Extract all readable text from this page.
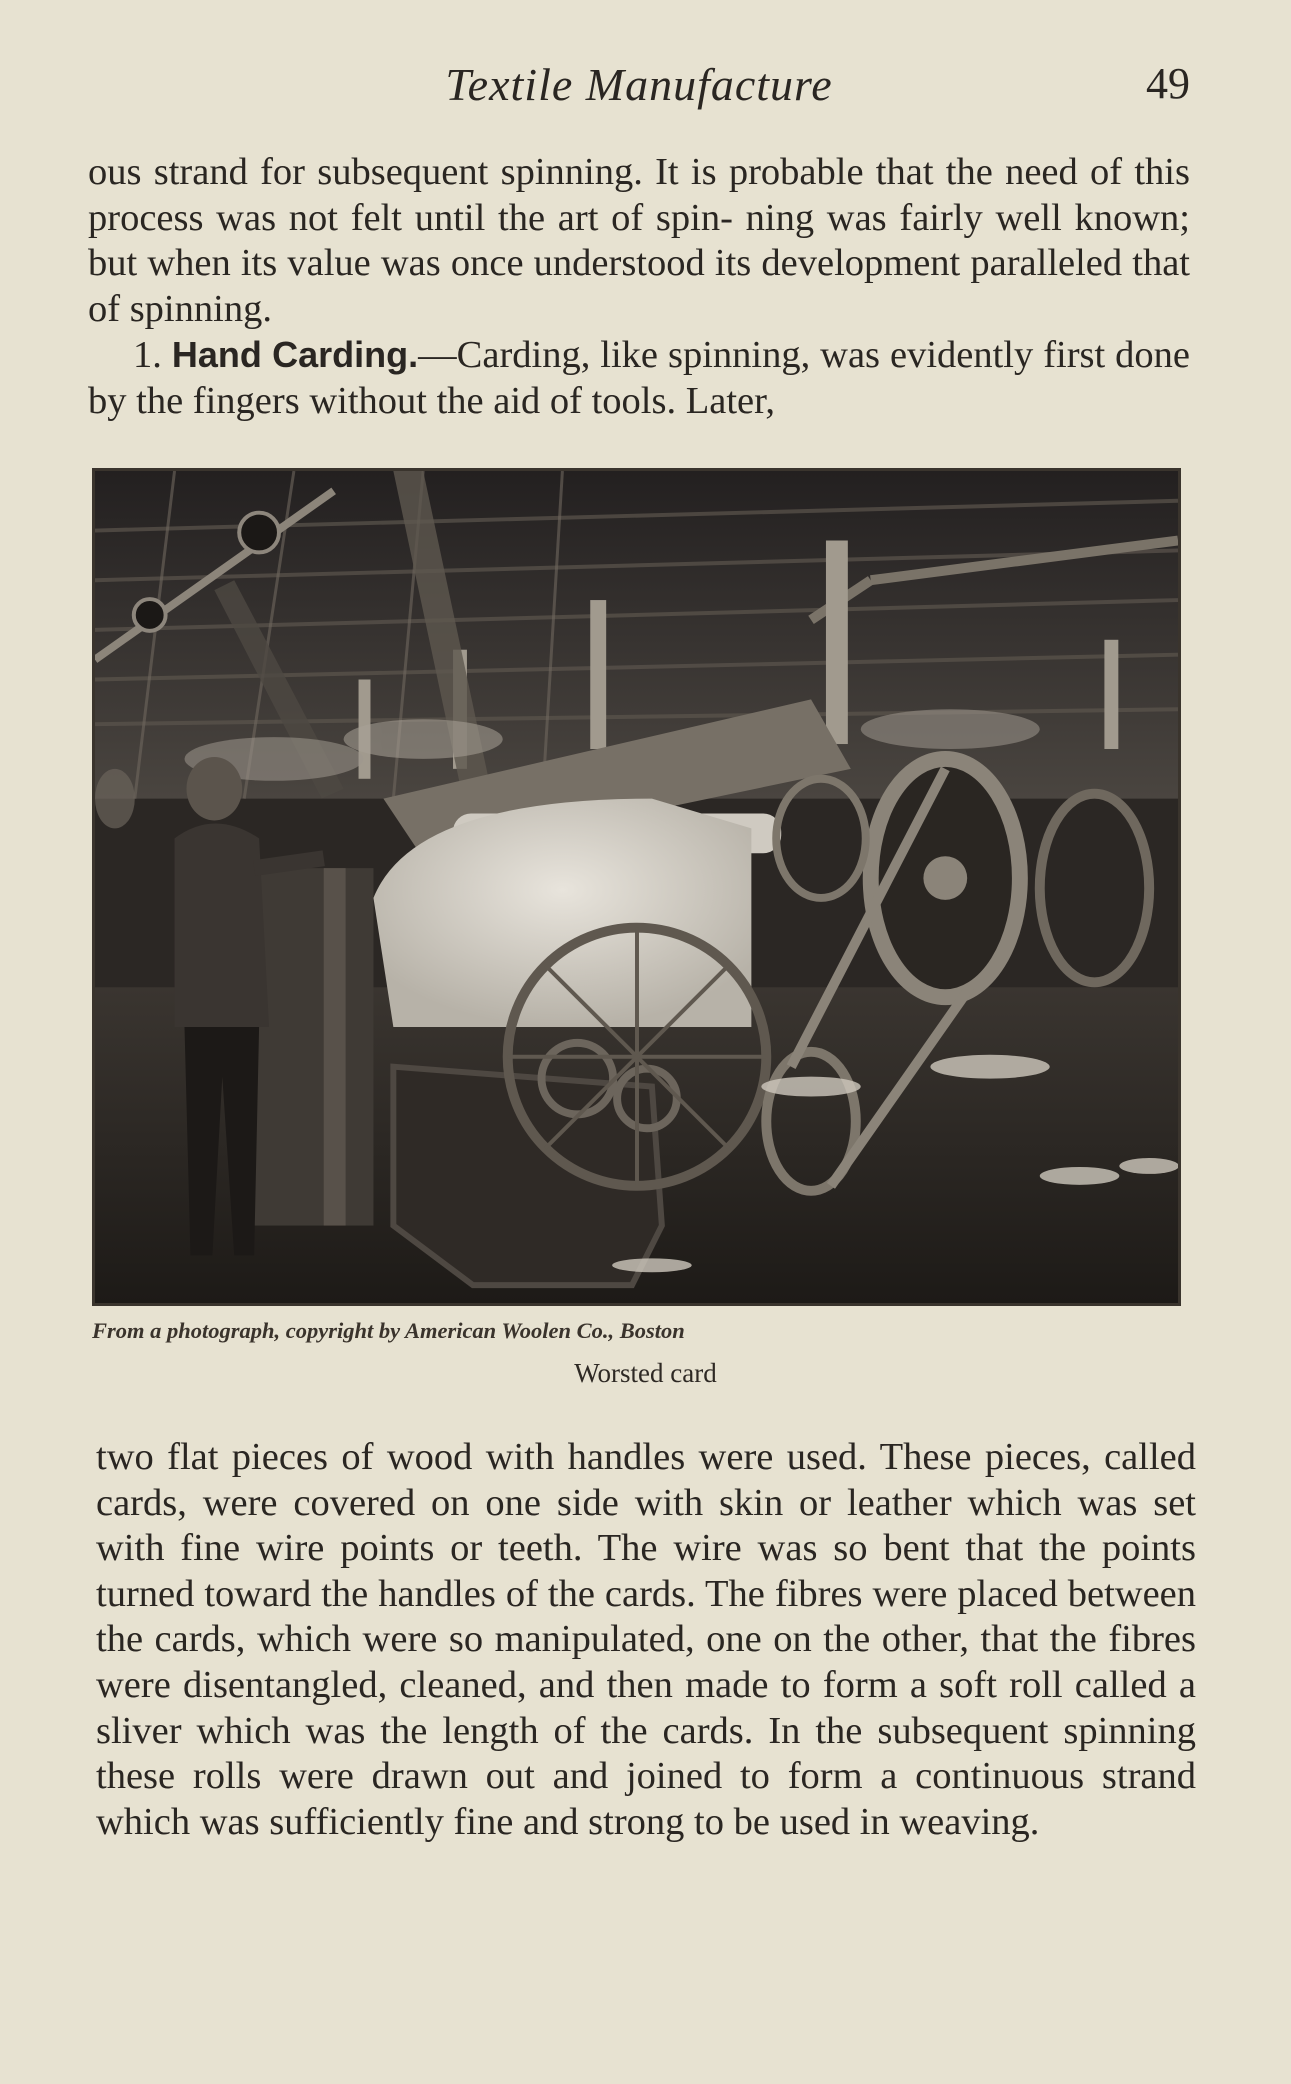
Textile Manufacture	49

ous strand for subsequent spinning. It is probable that the need of this process was not felt until the art of spin- ning was fairly well known; but when its value was once understood its development paralleled that of spinning.

1. Hand Carding.—Carding, like spinning, was evidently first done by the fingers without the aid of tools. Later,

From a photograph, copyright by American Woolen Co., Boston
Worsted card

two flat pieces of wood with handles were used. These pieces, called cards, were covered on one side with skin or leather which was set with fine wire points or teeth. The wire was so bent that the points turned toward the handles of the cards. The fibres were placed between the cards, which were so manipulated, one on the other, that the fibres were disentangled, cleaned, and then made to form a soft roll called a sliver which was the length of the cards. In the subsequent spinning these rolls were drawn out and joined to form a continuous strand which was sufficiently fine and strong to be used in weaving.
